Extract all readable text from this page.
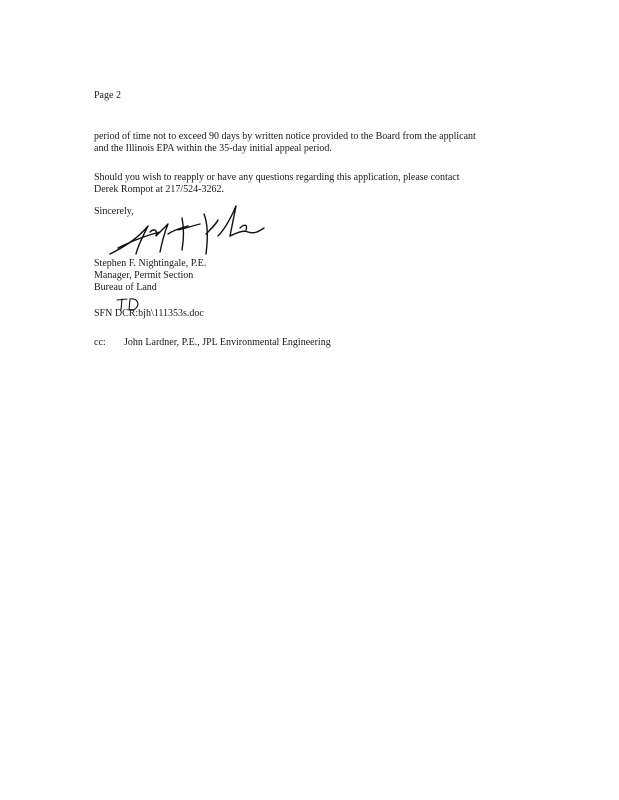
Page 2
period of time not to exceed 90 days by written notice provided to the Board from the applicant
and the Illinois EPA within the 35-day initial appeal period.
Should you wish to reapply or have any questions regarding this application, please contact
Derek Rompot at 217/524-3262.
Sincerely,
Stephen F. Nightingale, P.E.
Manager, Permit Section
Bureau of Land
SFN DCR:bjh\111353s.doc
cc: John Lardner, P.E., JPL Environmental Engineering
